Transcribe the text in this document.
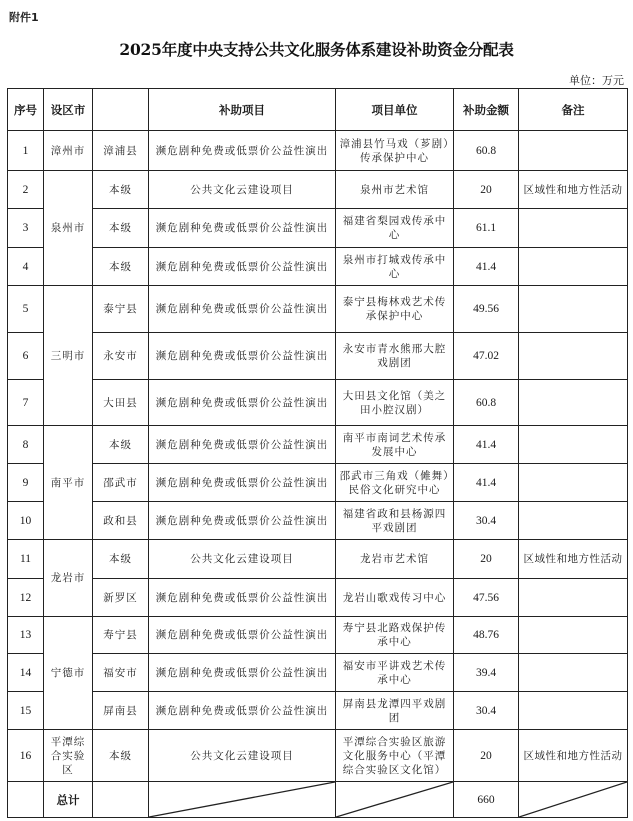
附件1
2025年度中央支持公共文化服务体系建设补助资金分配表
单位：万元
序号	设区市		补助项目	项目单位	补助金额	备注
1	漳州市	漳浦县	濒危剧种免费或低票价公益性演出	漳浦县竹马戏（芗剧）传承保护中心	60.8	
2	泉州市	本级	公共文化云建设项目	泉州市艺术馆	20	区域性和地方性活动
3		本级	濒危剧种免费或低票价公益性演出	福建省梨园戏传承中心	61.1	
4		本级	濒危剧种免费或低票价公益性演出	泉州市打城戏传承中心	41.4	
5	三明市	泰宁县	濒危剧种免费或低票价公益性演出	泰宁县梅林戏艺术传承保护中心	49.56	
6		永安市	濒危剧种免费或低票价公益性演出	永安市青水熊邢大腔戏剧团	47.02	
7		大田县	濒危剧种免费或低票价公益性演出	大田县文化馆（美之田小腔汉剧）	60.8	
8	南平市	本级	濒危剧种免费或低票价公益性演出	南平市南词艺术传承发展中心	41.4	
9		邵武市	濒危剧种免费或低票价公益性演出	邵武市三角戏（傩舞）民俗文化研究中心	41.4	
10		政和县	濒危剧种免费或低票价公益性演出	福建省政和县杨源四平戏剧团	30.4	
11	龙岩市	本级	公共文化云建设项目	龙岩市艺术馆	20	区域性和地方性活动
12		新罗区	濒危剧种免费或低票价公益性演出	龙岩山歌戏传习中心	47.56	
13	宁德市	寿宁县	濒危剧种免费或低票价公益性演出	寿宁县北路戏保护传承中心	48.76	
14		福安市	濒危剧种免费或低票价公益性演出	福安市平讲戏艺术传承中心	39.4	
15		屏南县	濒危剧种免费或低票价公益性演出	屏南县龙潭四平戏剧团	30.4	
16	平潭综合实验区	本级	公共文化云建设项目	平潭综合实验区旅游文化服务中心（平潭综合实验区文化馆）	20	区域性和地方性活动
	总计				660	
